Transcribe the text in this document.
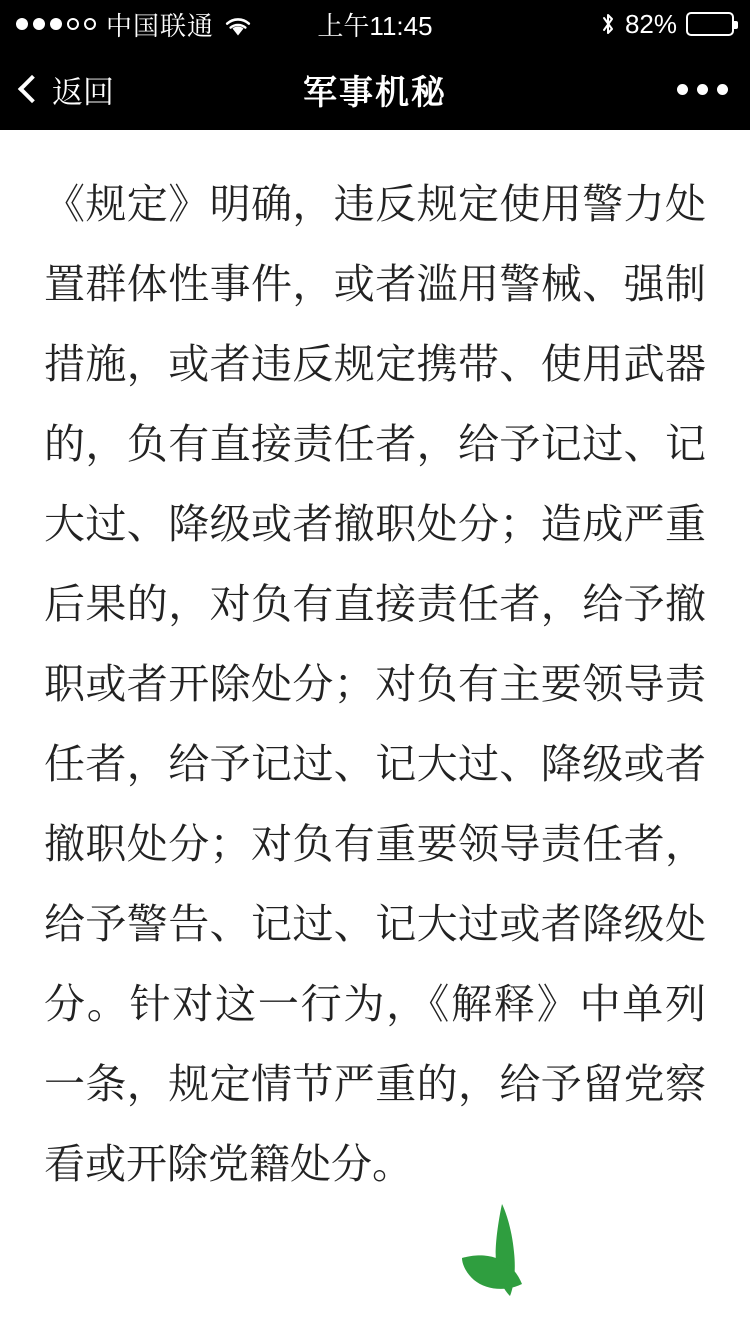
中国联通	上午11:45	82%
返回	军事机秘

《规定》明确，违反规定使用警力处置群体性事件，或者滥用警械、强制措施，或者违反规定携带、使用武器的，负有直接责任者，给予记过、记大过、降级或者撤职处分；造成严重后果的，对负有直接责任者，给予撤职或者开除处分；对负有主要领导责任者，给予记过、记大过、降级或者撤职处分；对负有重要领导责任者，给予警告、记过、记大过或者降级处分。针对这一行为，《解释》中单列一条，规定情节严重的，给予留党察看或开除党籍处分。
